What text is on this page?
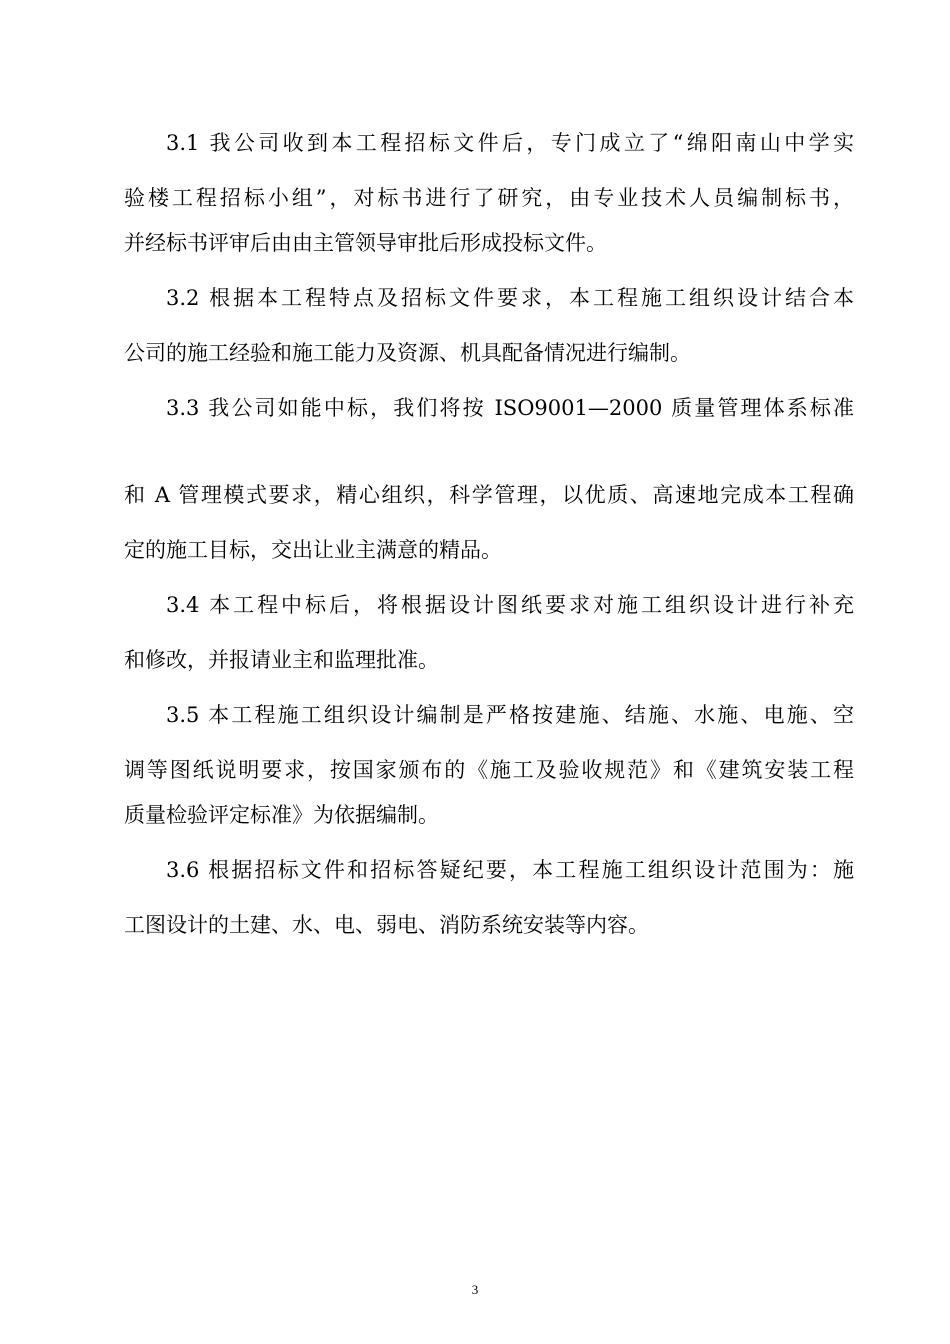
3.1 我公司收到本工程招标文件后，专门成立了“绵阳南山中学实
验楼工程招标小组”，对标书进行了研究，由专业技术人员编制标书，
并经标书评审后由由主管领导审批后形成投标文件。
3.2 根据本工程特点及招标文件要求，本工程施工组织设计结合本
公司的施工经验和施工能力及资源、机具配备情况进行编制。
3.3 我公司如能中标，我们将按 ISO9001—2000 质量管理体系标准
和 A 管理模式要求，精心组织，科学管理，以优质、高速地完成本工程确
定的施工目标，交出让业主满意的精品。
3.4 本工程中标后，将根据设计图纸要求对施工组织设计进行补充
和修改，并报请业主和监理批准。
3.5 本工程施工组织设计编制是严格按建施、结施、水施、电施、空
调等图纸说明要求，按国家颁布的《施工及验收规范》和《建筑安装工程
质量检验评定标准》为依据编制。
3.6 根据招标文件和招标答疑纪要，本工程施工组织设计范围为：施
工图设计的土建、水、电、弱电、消防系统安装等内容。
3
